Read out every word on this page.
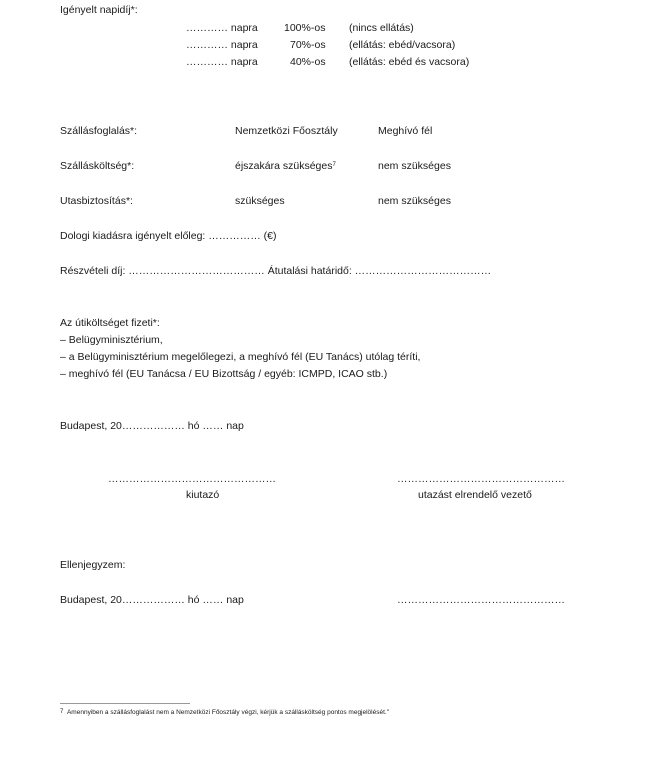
Igényelt napidíj*:
………… napra 100%-os (nincs ellátás)
………… napra	70%-os (ellátás: ebéd/vacsora)
………… napra	40%-os (ellátás: ebéd és vacsora)
Szállásfoglalás*:	Nemzetközi Főosztály	Meghívó fél
Szállásköltség*:	éjszakára szükséges$^7$	nem szükséges
Utasbiztosítás*:	szükséges	nem szükséges
Dologi kiadásra igényelt előleg: …………… (€)
Részvételi díj: ………………………………… Átutalási határidő: …………………………………
Az útiköltséget fizeti*:
– Belügyminisztérium,
– a Belügyminisztérium megelőlegezi, a meghívó fél (EU Tanács) utólag téríti,
– meghívó fél (EU Tanácsa / EU Bizottság / egyéb: ICMPD, ICAO stb.)
Budapest, 20……………… hó …… nap
…………………………………………
kiutazó
…………………………………………
utazást elrendelő vezető
Ellenjegyzem:
Budapest, 20……………… hó …… nap	…………………………………………
$^7$ Amennyiben a szállásfoglalást nem a Nemzetközi Főosztály végzi, kérjük a szállásköltség pontos megjelölését."
